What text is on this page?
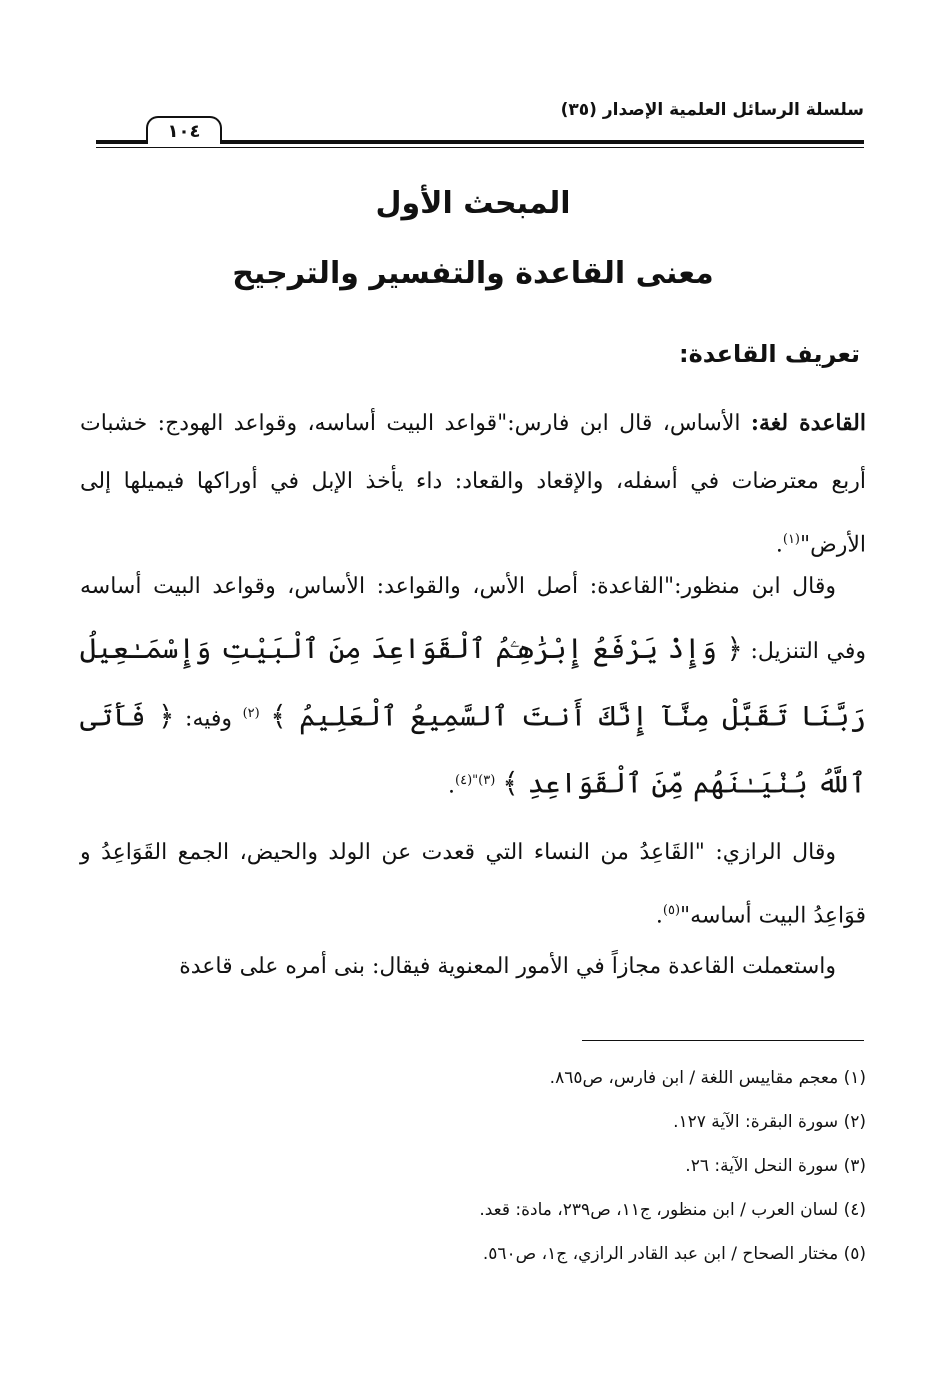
سلسلة الرسائل العلمية الإصدار (٣٥)
١٠٤
المبحث الأول
معنى القاعدة والتفسير والترجيح
تعريف القاعدة:
القاعدة لغة: الأساس، قال ابن فارس:"قواعد البيت أساسه، وقواعد الهودج: خشبات أربع معترضات في أسفله، والإقعاد والقعاد: داء يأخذ الإبل في أوراكها فيميلها إلى الأرض"$^{(١)}$.
وقال ابن منظور:"القاعدة: أصل الأس، والقواعد: الأساس، وقواعد البيت أساسه وفي التنزيل: ﴿ وَإِذْ يَرْفَعُ إِبْرَٰهِـۧمُ ٱلْقَوَاعِدَ مِنَ ٱلْبَيْتِ وَإِسْمَـٰعِيلُ رَبَّنَا تَقَبَّلْ مِنَّآ إِنَّكَ أَنتَ ٱلسَّمِيعُ ٱلْعَلِيمُ ﴾ $^{(٢)}$ وفيه: ﴿ فَأَتَى ٱللَّهُ بُنْيَـٰنَهُم مِّنَ ٱلْقَوَاعِدِ ﴾ $^{(٣)"(٤)}$.
وقال الرازي: "القَاعِدُ من النساء التي قعدت عن الولد والحيض، الجمع القَوَاعِدُ و قوَاعِدُ البيت أساسه"$^{(٥)}$.
واستعملت القاعدة مجازاً في الأمور المعنوية فيقال: بنى أمره على قاعدة
(١) معجم مقاييس اللغة / ابن فارس، ص٨٦٥.
(٢) سورة البقرة: الآية ١٢٧.
(٣) سورة النحل الآية: ٢٦.
(٤) لسان العرب / ابن منظور، ج١١، ص٢٣٩، مادة: قعد.
(٥) مختار الصحاح / ابن عبد القادر الرازي، ج١، ص٥٦٠.
